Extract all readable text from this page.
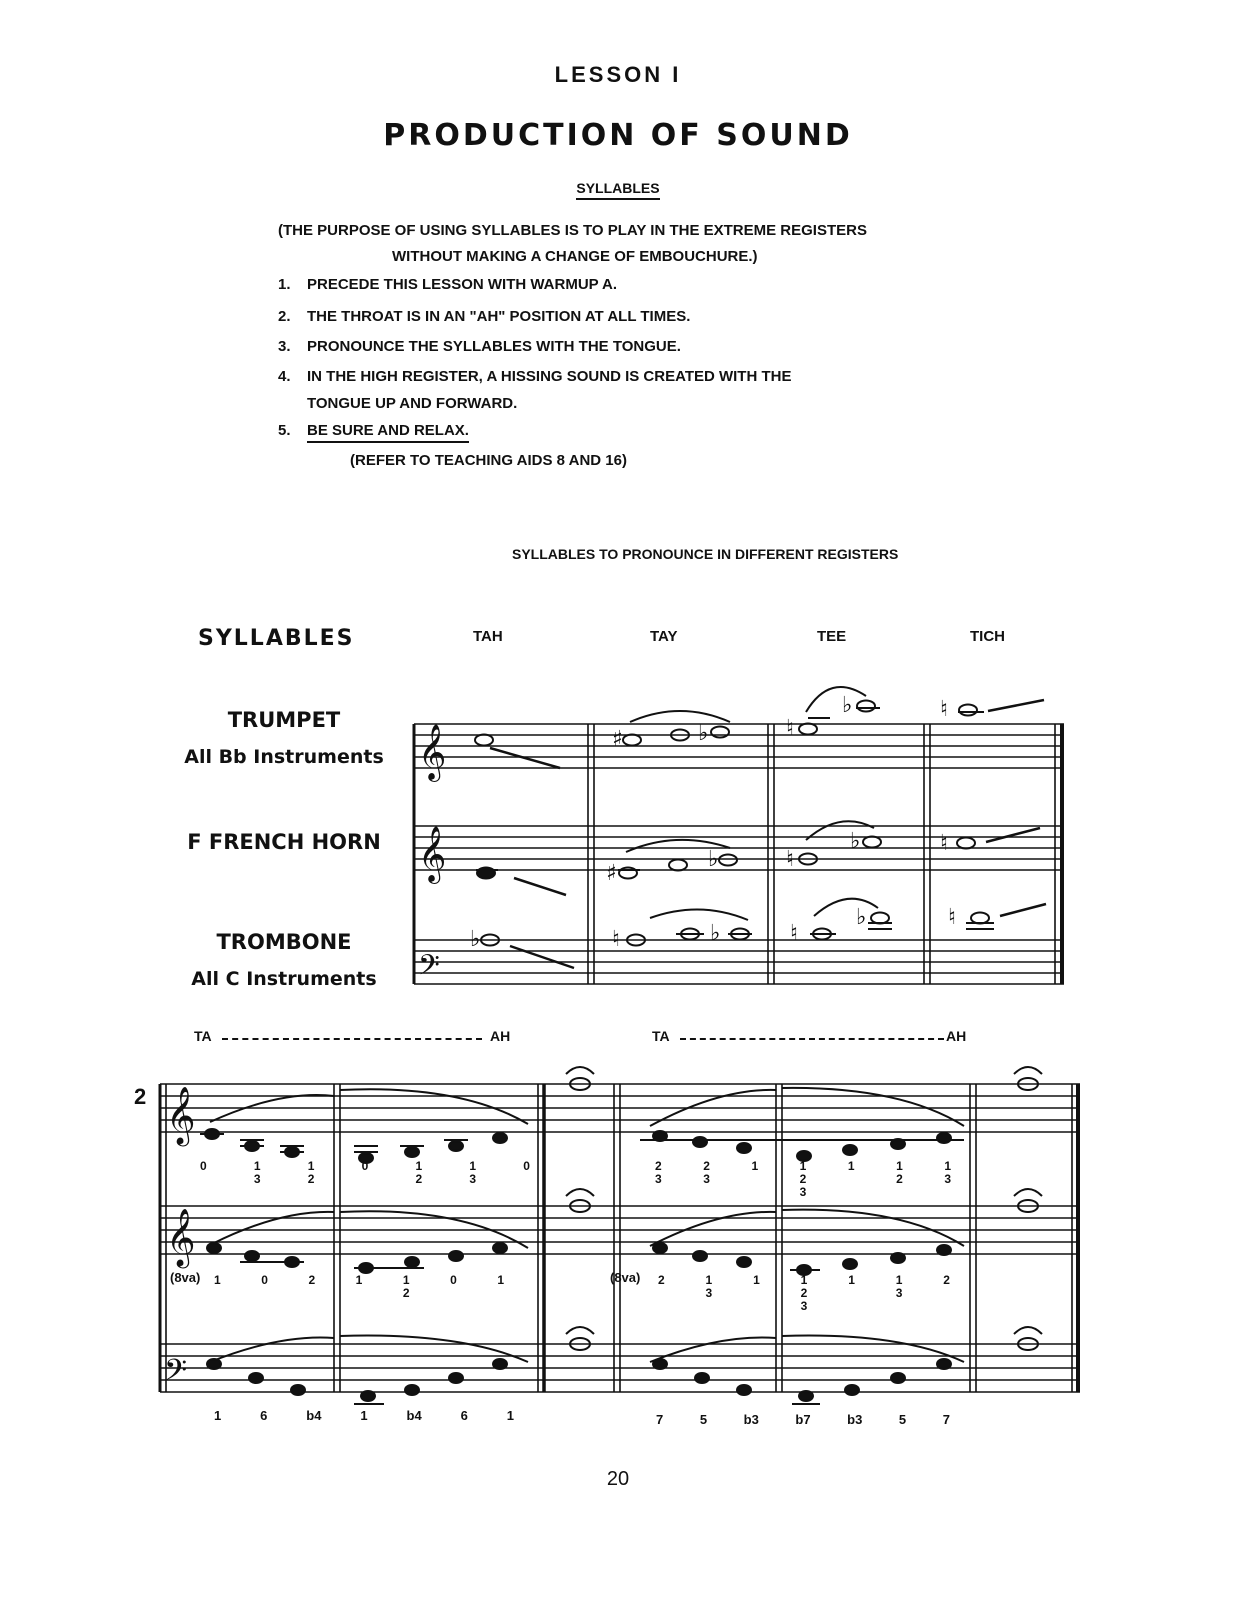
LESSON I
PRODUCTION OF SOUND
SYLLABLES
(THE PURPOSE OF USING SYLLABLES IS TO PLAY IN THE EXTREME REGISTERS
WITHOUT MAKING A CHANGE OF EMBOUCHURE.)
1. PRECEDE THIS LESSON WITH WARMUP A.
2. THE THROAT IS IN AN "AH" POSITION AT ALL TIMES.
3. PRONOUNCE THE SYLLABLES WITH THE TONGUE.
4. IN THE HIGH REGISTER, A HISSING SOUND IS CREATED WITH THE
TONGUE UP AND FORWARD.
5. BE SURE AND RELAX.
(REFER TO TEACHING AIDS 8 AND 16)
SYLLABLES TO PRONOUNCE IN DIFFERENT REGISTERS
SYLLABLES	TAH	TAY	TEE	TICH
TRUMPET
All Bb Instruments
F FRENCH HORN
TROMBONE
All C Instruments
𝄞
𝄞
𝄢
♯	♭	♮
♭	♮
♯
♭	♮
♭	♮
♭	♮	♭	♮
♭	♮
2
TA	AH	TA	AH
𝄞
𝄞
𝄢
0	1
3
1
2
0	1
2
1
3
0	2
3
2
3
1	1
2
3
1	1
2
1
3
(8va) 1	0	2	1	1
2
0	1	(8va) 2	1
3
1	1
2
3
1	1
3
2
1	6	b4	1	b4	6	1	7	5	b3	b7	b3	5	7
20
